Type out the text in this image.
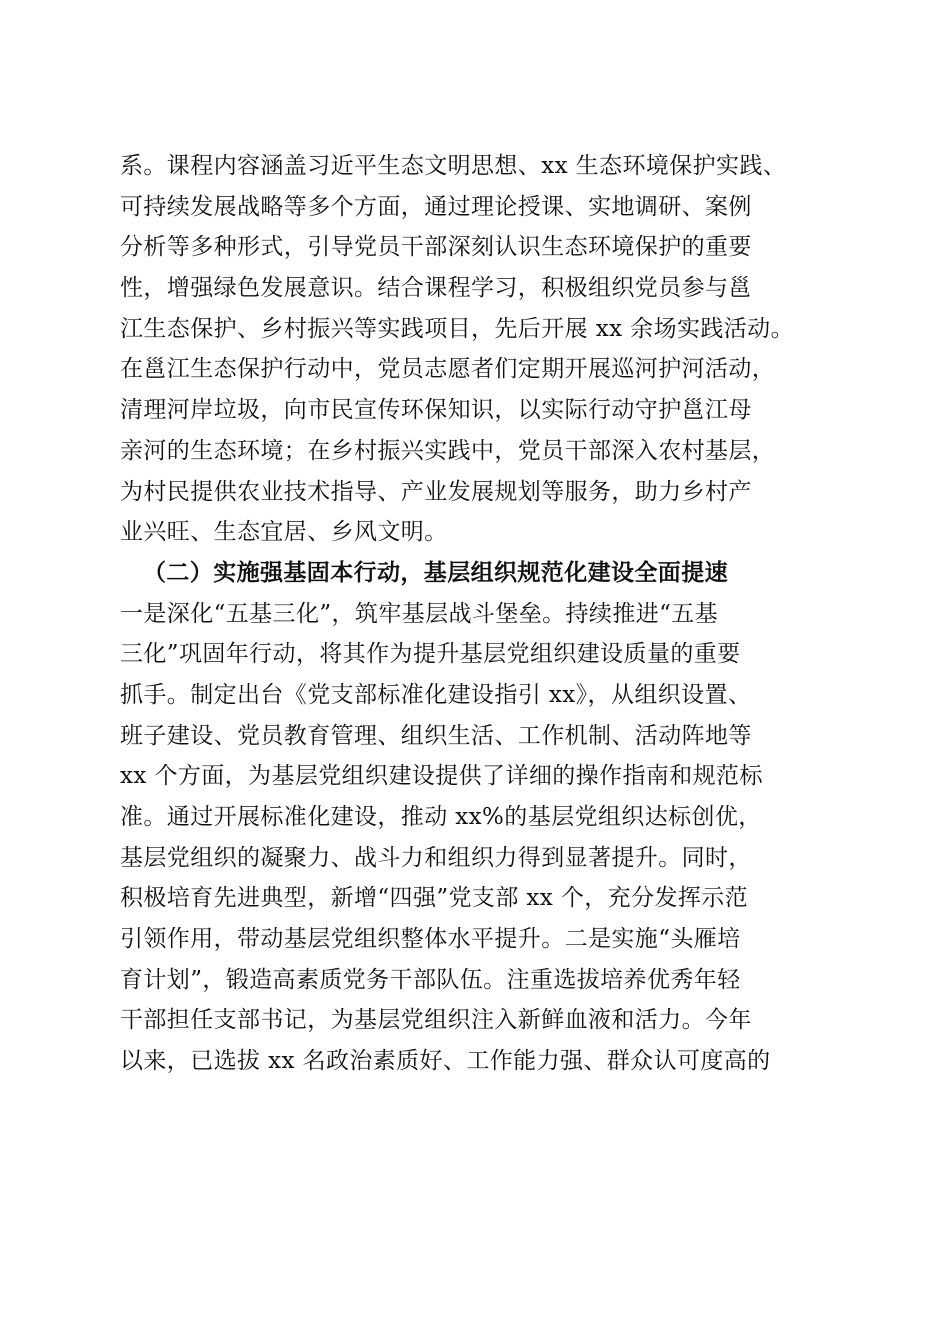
系。课程内容涵盖习近平生态文明思想、xx 生态环境保护实践、
可持续发展战略等多个方面，通过理论授课、实地调研、案例
分析等多种形式，引导党员干部深刻认识生态环境保护的重要
性，增强绿色发展意识。结合课程学习，积极组织党员参与邕
江生态保护、乡村振兴等实践项目，先后开展 xx 余场实践活动。
在邕江生态保护行动中，党员志愿者们定期开展巡河护河活动，
清理河岸垃圾，向市民宣传环保知识，以实际行动守护邕江母
亲河的生态环境；在乡村振兴实践中，党员干部深入农村基层，
为村民提供农业技术指导、产业发展规划等服务，助力乡村产
业兴旺、生态宜居、乡风文明。
（二）实施强基固本行动，基层组织规范化建设全面提速
一是深化“五基三化”，筑牢基层战斗堡垒。持续推进“五基
三化”巩固年行动，将其作为提升基层党组织建设质量的重要
抓手。制定出台《党支部标准化建设指引 xx》，从组织设置、
班子建设、党员教育管理、组织生活、工作机制、活动阵地等
xx 个方面，为基层党组织建设提供了详细的操作指南和规范标
准。通过开展标准化建设，推动 xx%的基层党组织达标创优，
基层党组织的凝聚力、战斗力和组织力得到显著提升。同时，
积极培育先进典型，新增“四强”党支部 xx 个，充分发挥示范
引领作用，带动基层党组织整体水平提升。二是实施“头雁培
育计划”，锻造高素质党务干部队伍。注重选拔培养优秀年轻
干部担任支部书记，为基层党组织注入新鲜血液和活力。今年
以来，已选拔 xx 名政治素质好、工作能力强、群众认可度高的
